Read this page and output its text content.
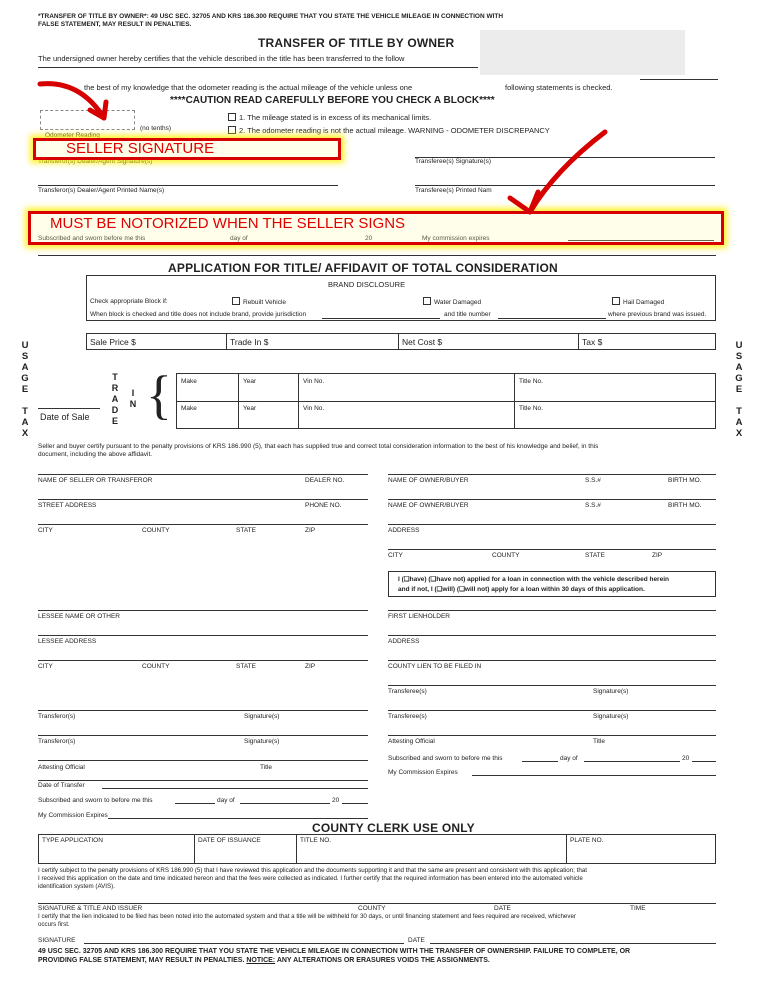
*TRANSFER OF TITLE BY OWNER*: 49 USC SEC. 32705 AND KRS 186.300 REQUIRE THAT YOU STATE THE VEHICLE MILEAGE IN CONNECTION WITH
FALSE STATEMENT, MAY RESULT IN PENALTIES.
TRANSFER OF TITLE BY OWNER
The undersigned owner hereby certifies that the vehicle described in the title has been transferred to the follow
the best of my knowledge that the odometer reading is the actual mileage of the vehicle unless one	following statements is checked.
****CAUTION READ CAREFULLY BEFORE YOU CHECK A BLOCK****
(no tenths)
Odometer Reading
1. The mileage stated is in excess of its mechanical limits.
2. The odometer reading is not the actual mileage. WARNING - ODOMETER DISCREPANCY
Transferor(s) Dealer/Agent Signature(s)	Transferee(s) Signature(s)
Transferor(s) Dealer/Agent Printed Name(s)	Transferee(s) Printed Nam
Subscribed and sworn before me this	day of	20	My commission expires
SELLER SIGNATURE
MUST BE NOTORIZED WHEN THE SELLER SIGNS
APPLICATION FOR TITLE/ AFFIDAVIT OF TOTAL CONSIDERATION
BRAND DISCLOSURE
Check appropriate Block if:	Rebuilt Vehicle	Water Damaged	Hail Damaged
When block is checked and title does not include brand, provide jurisdiction	and title number	where previous brand was issued.
U
S
A
G
E
T
A
X
U
S
A
G
E
T
A
X
Sale Price $	Trade In $	Net Cost $	Tax $
T
R
A
D
E
I
N { Make	Year	Vin No.	Title No.
Make	Year	Vin No.	Title No.
Date of Sale
Seller and buyer certify pursuant to the penalty provisions of KRS 186.990 (5), that each has supplied true and correct total consideration information to the best of his knowledge and belief, in this
document, including the above affidavit.
NAME OF SELLER OR TRANSFEROR	DEALER NO.	NAME OF OWNER/BUYER	S.S.#	BIRTH MO.
STREET ADDRESS	PHONE NO.	NAME OF OWNER/BUYER	S.S.#	BIRTH MO.
CITY	COUNTY	STATE	ZIP	ADDRESS
CITY	COUNTY	STATE	ZIP
I (❑have) (❑have not) applied for a loan in connection with the vehicle described herein
and if not, I (❑will) (❑will not) apply for a loan within 30 days of this application.
LESSEE NAME OR OTHER	FIRST LIENHOLDER
LESSEE ADDRESS	ADDRESS
CITY	COUNTY	STATE	ZIP	COUNTY LIEN TO BE FILED IN
Transferee(s)	Signature(s)
Transferor(s)	Signature(s)	Transferee(s)	Signature(s)
Transferor(s)	Signature(s)	Attesting Official	Title
Subscribed and sworn to before me this	day of	20
Attesting Official	Title
My Commission Expires
Date of Transfer
Subscribed and sworn to before me this	day of	20
My Commission Expires
COUNTY CLERK USE ONLY
TYPE APPLICATION	DATE OF ISSUANCE	TITLE NO.	PLATE NO.
I certify subject to the penalty provisions of KRS 186.990 (5) that I have reviewed this application and the documents supporting it and that the same are present and consistent with this application; that
I received this application on the date and time indicated hereon and that the fees were collected as indicated. I further certify that the required information has been entered into the automated vehicle
identification system (AVIS).
SIGNATURE & TITLE AND ISSUER	COUNTY	DATE	TIME
I certify that the lien indicated to be filed has been noted into the automated system and that a title will be withheld for 30 days, or until financing statement and fees required are received, whichever
occurs first.
SIGNATURE	DATE
49 USC SEC. 32705 AND KRS 186.300 REQUIRE THAT YOU STATE THE VEHICLE MILEAGE IN CONNECTION WITH THE TRANSFER OF OWNERSHIP. FAILURE TO COMPLETE, OR
PROVIDING FALSE STATEMENT, MAY RESULT IN PENALTIES. NOTICE: ANY ALTERATIONS OR ERASURES VOIDS THE ASSIGNMENTS.
